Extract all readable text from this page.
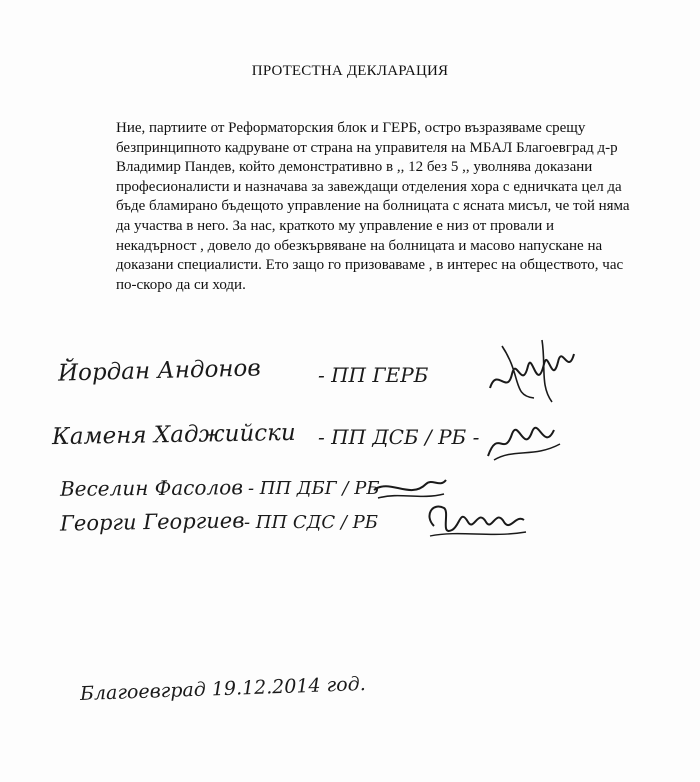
ПРОТЕСТНА ДЕКЛАРАЦИЯ
Ние, партиите от Реформаторския блок и ГЕРБ, остро възразяваме срещу
безпринципното кадруване от страна на управителя на МБАЛ Благоевград д-р
Владимир Пандев, който демонстративно в ,, 12 без 5 ,, уволнява доказани
професионалисти и назначава за завеждащи отделения хора с едничката цел да
бъде бламирано бъдещото управление на болницата с ясната мисъл, че той няма
да участва в него. За нас, краткото му управление е низ от провали и
некадърност , довело до обезкървяване на болницата и масово напускане на
доказани специалисти. Ето защо го призоваваме , в интерес на обществото, час
по-скоро да си ходи.
Йордан Андонов	- ПП ГЕРБ
Каменя Хаджийски - ПП ДСБ / РБ -
Веселин Фасолов - ПП ДБГ / РБ
Георги Георгиев - ПП СДС / РБ
Благоевград 19.12.2014 год.
